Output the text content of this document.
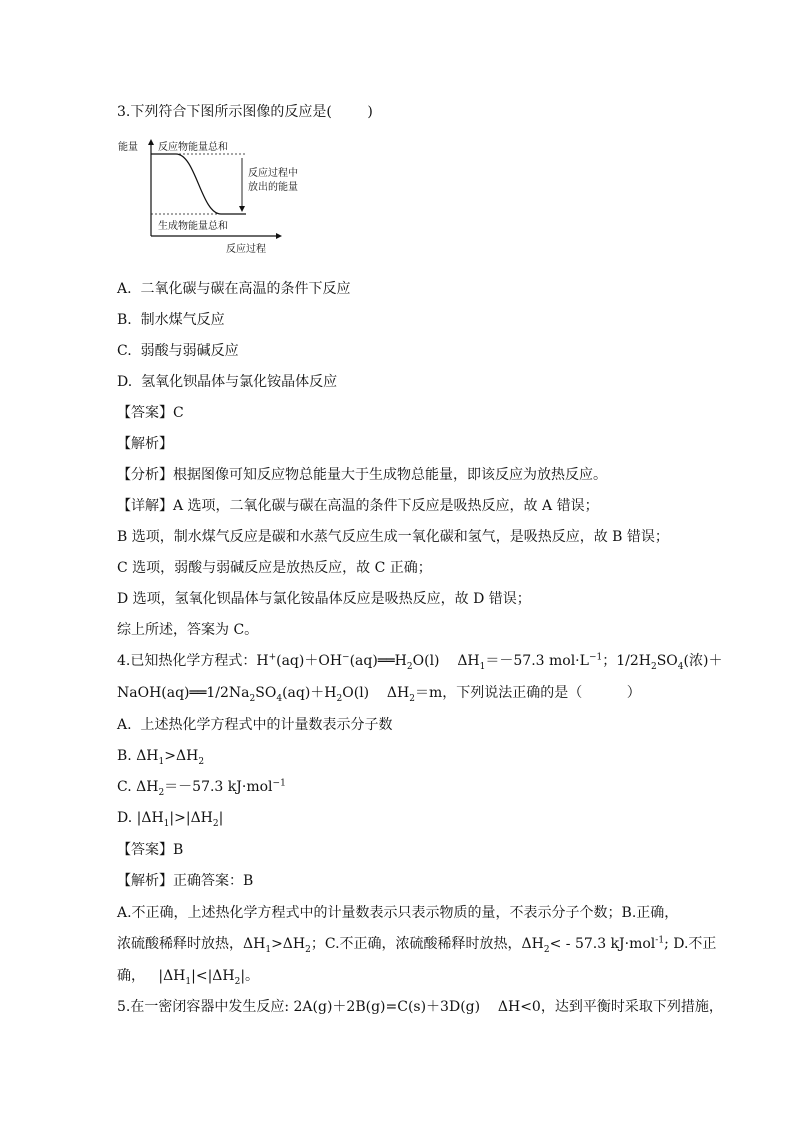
3.下列符合下图所示图像的反应是(        )
能量 反应物能量总和
反应过程中
放出的能量
生成物能量总和
反应过程
A.  二氧化碳与碳在高温的条件下反应
B.  制水煤气反应
C.  弱酸与弱碱反应
D.  氢氧化钡晶体与氯化铵晶体反应
【答案】C
【解析】
【分析】根据图像可知反应物总能量大于生成物总能量，即该反应为放热反应。
【详解】A 选项，二氧化碳与碳在高温的条件下反应是吸热反应，故 A 错误；
B 选项，制水煤气反应是碳和水蒸气反应生成一氧化碳和氢气，是吸热反应，故 B 错误；
C 选项，弱酸与弱碱反应是放热反应，故 C 正确；
D 选项，氢氧化钡晶体与氯化铵晶体反应是吸热反应，故 D 错误；
综上所述，答案为 C。
4.已知热化学方程式：$H^+(aq)+OH^-(aq)══H_2O(l)$    $\Delta H_1=-57.3$ $mol\cdot L^{-1}$；$1/2H_2SO_4$(浓)＋
$NaOH(aq)══1/2Na_2SO_4(aq)+H_2O(l)$    $\Delta H_2=m$，下列说法正确的是（          ）
A.  上述热化学方程式中的计量数表示分子数
B. $\Delta H_1>\Delta H_2$
C. $\Delta H_2=-57.3$ kJ·mol$^{-1}$
D. $|\Delta H_1|>|\Delta H_2|$
【答案】B
【解析】正确答案：B
A.不正确，上述热化学方程式中的计量数表示只表示物质的量，不表示分子个数；B.正确，
浓硫酸稀释时放热，$\Delta H_1>\Delta H_2$；C.不正确，浓硫酸稀释时放热，$\Delta H_2< - 57.3$ kJ·mol$^{-1}$; D.不正
确，   $|\Delta H_1|<|\Delta H_2|$。
5.在一密闭容器中发生反应: 2A(g)＋2B(g)=C(s)＋3D(g)    ΔH<0，达到平衡时采取下列措施，
